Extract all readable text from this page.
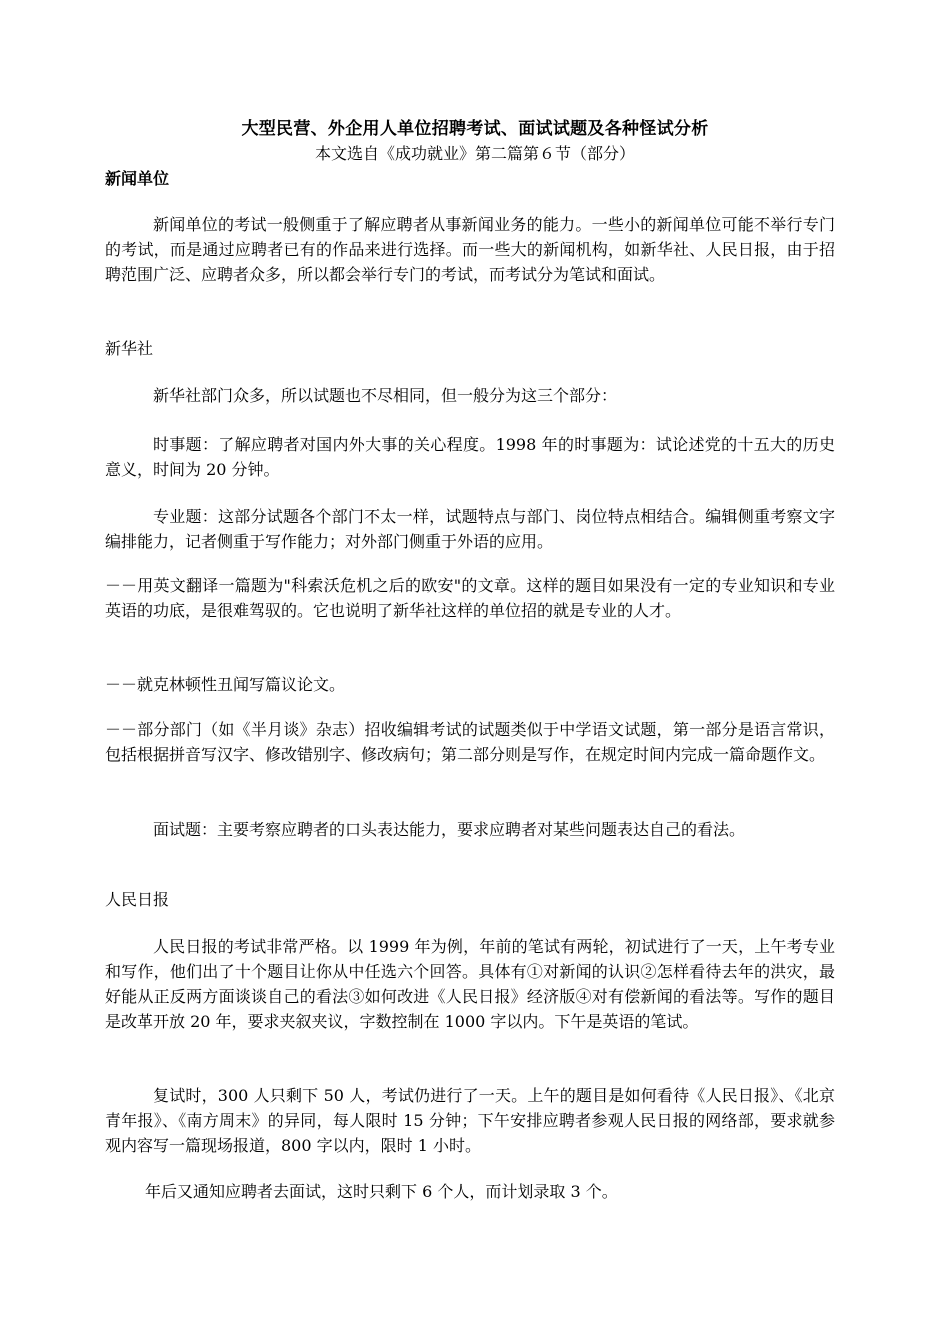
大型民营、外企用人单位招聘考试、面试试题及各种怪试分析
本文选自《成功就业》第二篇第６节（部分）
新闻单位

新闻单位的考试一般侧重于了解应聘者从事新闻业务的能力。一些小的新闻单位可能不举行专门的考试，而是通过应聘者已有的作品来进行选择。而一些大的新闻机构，如新华社、人民日报，由于招聘范围广泛、应聘者众多，所以都会举行专门的考试，而考试分为笔试和面试。

新华社

新华社部门众多，所以试题也不尽相同，但一般分为这三个部分：

时事题：了解应聘者对国内外大事的关心程度。1998 年的时事题为：试论述党的十五大的历史意义，时间为 20 分钟。

专业题：这部分试题各个部门不太一样，试题特点与部门、岗位特点相结合。编辑侧重考察文字编排能力，记者侧重于写作能力；对外部门侧重于外语的应用。

－－用英文翻译一篇题为"科索沃危机之后的欧安"的文章。这样的题目如果没有一定的专业知识和专业英语的功底，是很难驾驭的。它也说明了新华社这样的单位招的就是专业的人才。

－－就克林顿性丑闻写篇议论文。

－－部分部门（如《半月谈》杂志）招收编辑考试的试题类似于中学语文试题，第一部分是语言常识，包括根据拼音写汉字、修改错别字、修改病句；第二部分则是写作，在规定时间内完成一篇命题作文。

面试题：主要考察应聘者的口头表达能力，要求应聘者对某些问题表达自己的看法。

人民日报

人民日报的考试非常严格。以 1999 年为例，年前的笔试有两轮，初试进行了一天，上午考专业和写作，他们出了十个题目让你从中任选六个回答。具体有①对新闻的认识②怎样看待去年的洪灾，最好能从正反两方面谈谈自己的看法③如何改进《人民日报》经济版④对有偿新闻的看法等。写作的题目是改革开放 20 年，要求夹叙夹议，字数控制在 1000 字以内。下午是英语的笔试。

复试时，300 人只剩下 50 人，考试仍进行了一天。上午的题目是如何看待《人民日报》、《北京青年报》、《南方周末》的异同，每人限时 15 分钟；下午安排应聘者参观人民日报的网络部，要求就参观内容写一篇现场报道，800 字以内，限时 1 小时。

年后又通知应聘者去面试，这时只剩下 6 个人，而计划录取 3 个。
